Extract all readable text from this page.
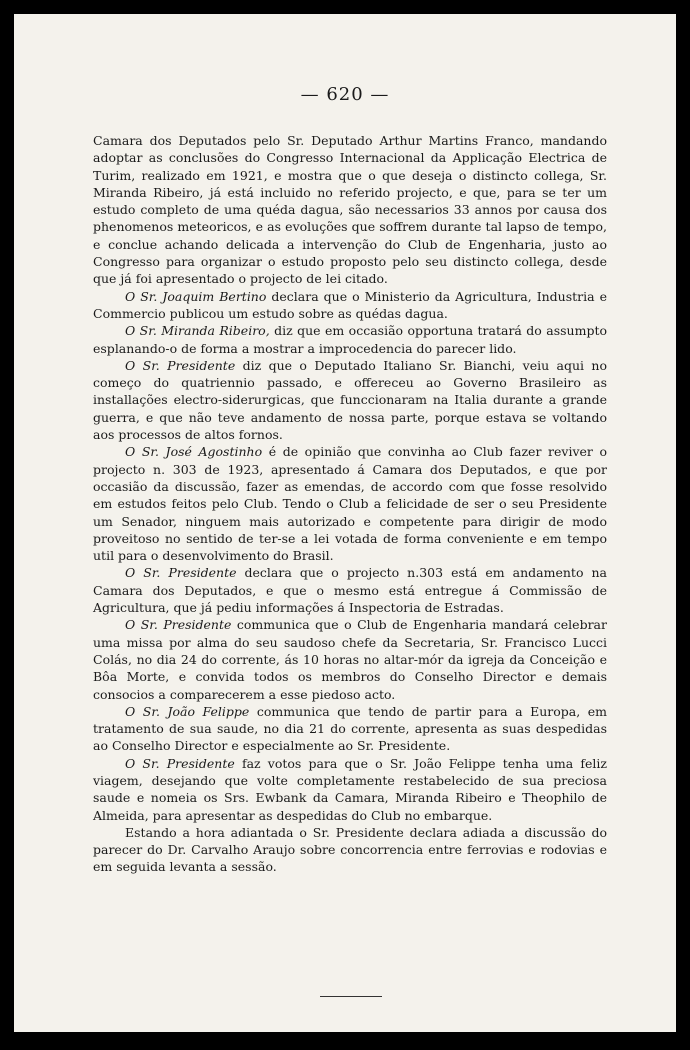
— 620 —

Camara dos Deputados pelo Sr. Deputado Arthur Martins Franco, mandando adoptar as conclusões do Congresso Internacional da Applicação Electrica de Turim, realizado em 1921, e mostra que o que deseja o distincto collega, Sr. Miranda Ribeiro, já está incluido no referido projecto, e que, para se ter um estudo completo de uma quéda dagua, são necessarios 33 annos por causa dos phenomenos meteoricos, e as evoluções que soffrem durante tal lapso de tempo, e conclue achando delicada a intervenção do Club de Engenharia, justo ao Congresso para organizar o estudo proposto pelo seu distincto collega, desde que já foi apresentado o projecto de lei citado.

O Sr. Joaquim Bertino declara que o Ministerio da Agricultura, Industria e Commercio publicou um estudo sobre as quédas dagua.

O Sr. Miranda Ribeiro, diz que em occasião opportuna tratará do assumpto esplanando-o de forma a mostrar a improcedencia do parecer lido.

O Sr. Presidente diz que o Deputado Italiano Sr. Bianchi, veiu aqui no começo do quatriennio passado, e offereceu ao Governo Brasileiro as installações electro-siderurgicas, que funccionaram na Italia durante a grande guerra, e que não teve andamento de nossa parte, porque estava se voltando aos processos de altos fornos.

O Sr. José Agostinho é de opinião que convinha ao Club fazer reviver o projecto n. 303 de 1923, apresentado á Camara dos Deputados, e que por occasião da discussão, fazer as emendas, de accordo com que fosse resolvido em estudos feitos pelo Club. Tendo o Club a felicidade de ser o seu Presidente um Senador, ninguem mais autorizado e competente para dirigir de modo proveitoso no sentido de ter-se a lei votada de forma conveniente e em tempo util para o desenvolvimento do Brasil.

O Sr. Presidente declara que o projecto n.303 está em andamento na Camara dos Deputados, e que o mesmo está entregue á Commissão de Agricultura, que já pediu informações á Inspectoria de Estradas.

O Sr. Presidente communica que o Club de Engenharia mandará celebrar uma missa por alma do seu saudoso chefe da Secretaria, Sr. Francisco Lucci Colás, no dia 24 do corrente, ás 10 horas no altar-mór da igreja da Conceição e Bôa Morte, e convida todos os membros do Conselho Director e demais consocios a comparecerem a esse piedoso acto.

O Sr. João Felippe communica que tendo de partir para a Europa, em tratamento de sua saude, no dia 21 do corrente, apresenta as suas despedidas ao Conselho Director e especialmente ao Sr. Presidente.

O Sr. Presidente faz votos para que o Sr. João Felippe tenha uma feliz viagem, desejando que volte completamente restabelecido de sua preciosa saude e nomeia os Srs. Ewbank da Camara, Miranda Ribeiro e Theophilo de Almeida, para apresentar as despedidas do Club no embarque.

Estando a hora adiantada o Sr. Presidente declara adiada a discussão do parecer do Dr. Carvalho Araujo sobre concorrencia entre ferrovias e rodovias e em seguida levanta a sessão.
